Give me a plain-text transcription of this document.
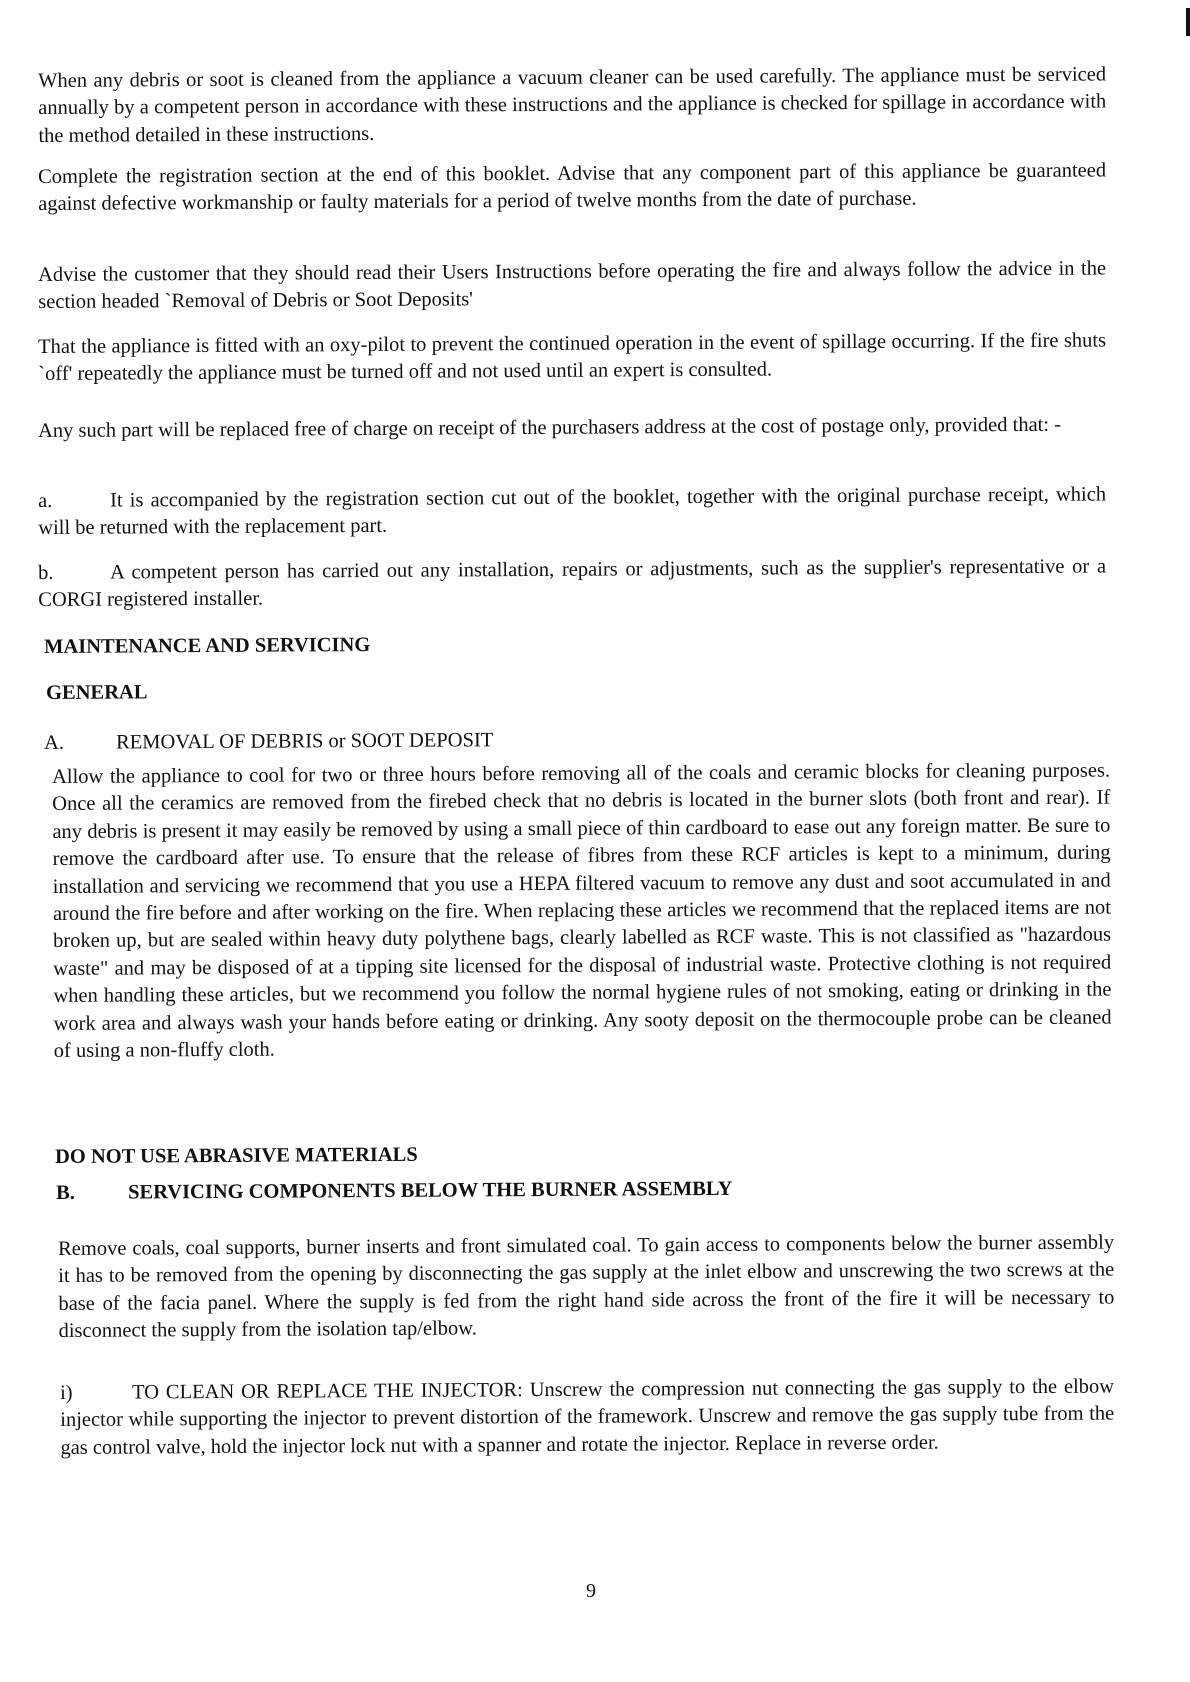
When any debris or soot is cleaned from the appliance a vacuum cleaner can be used carefully. The appliance must be serviced annually by a competent person in accordance with these instructions and the appliance is checked for spillage in accordance with the method detailed in these instructions.

Complete the registration section at the end of this booklet. Advise that any component part of this appliance be guaranteed against defective workmanship or faulty materials for a period of twelve months from the date of purchase.

Advise the customer that they should read their Users Instructions before operating the fire and always follow the advice in the section headed `Removal of Debris or Soot Deposits'

That the appliance is fitted with an oxy-pilot to prevent the continued operation in the event of spillage occurring. If the fire shuts `off' repeatedly the appliance must be turned off and not used until an expert is consulted.

Any such part will be replaced free of charge on receipt of the purchasers address at the cost of postage only, provided that: -

a.	It is accompanied by the registration section cut out of the booklet, together with the original purchase receipt, which will be returned with the replacement part.

b.	A competent person has carried out any installation, repairs or adjustments, such as the supplier's representative or a CORGI registered installer.

MAINTENANCE AND SERVICING
GENERAL

A.	REMOVAL OF DEBRIS or SOOT DEPOSIT

Allow the appliance to cool for two or three hours before removing all of the coals and ceramic blocks for cleaning purposes. Once all the ceramics are removed from the firebed check that no debris is located in the burner slots (both front and rear). If any debris is present it may easily be removed by using a small piece of thin cardboard to ease out any foreign matter. Be sure to remove the cardboard after use. To ensure that the release of fibres from these RCF articles is kept to a minimum, during installation and servicing we recommend that you use a HEPA filtered vacuum to remove any dust and soot accumulated in and around the fire before and after working on the fire. When replacing these articles we recommend that the replaced items are not broken up, but are sealed within heavy duty polythene bags, clearly labelled as RCF waste. This is not classified as "hazardous waste" and may be disposed of at a tipping site licensed for the disposal of industrial waste. Protective clothing is not required when handling these articles, but we recommend you follow the normal hygiene rules of not smoking, eating or drinking in the work area and always wash your hands before eating or drinking. Any sooty deposit on the thermocouple probe can be cleaned of using a non-fluffy cloth.

DO NOT USE ABRASIVE MATERIALS
B.	SERVICING COMPONENTS BELOW THE BURNER ASSEMBLY

Remove coals, coal supports, burner inserts and front simulated coal. To gain access to components below the burner assembly it has to be removed from the opening by disconnecting the gas supply at the inlet elbow and unscrewing the two screws at the base of the facia panel. Where the supply is fed from the right hand side across the front of the fire it will be necessary to disconnect the supply from the isolation tap/elbow.

i)	TO CLEAN OR REPLACE THE INJECTOR: Unscrew the compression nut connecting the gas supply to the elbow injector while supporting the injector to prevent distortion of the framework. Unscrew and remove the gas supply tube from the gas control valve, hold the injector lock nut with a spanner and rotate the injector. Replace in reverse order.

9
